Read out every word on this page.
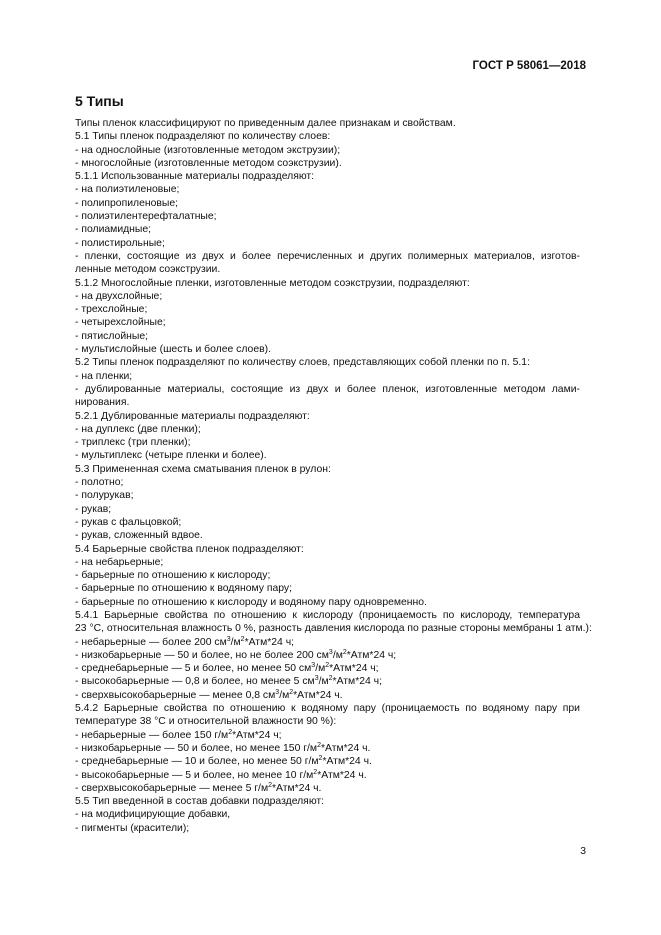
ГОСТ Р 58061—2018
5 Типы
Типы пленок классифицируют по приведенным далее признакам и свойствам.
5.1 Типы пленок подразделяют по количеству слоев:
- на однослойные (изготовленные методом экструзии);
- многослойные (изготовленные методом соэкструзии).
5.1.1 Использованные материалы подразделяют:
- на полиэтиленовые;
- полипропиленовые;
- полиэтилентерефталатные;
- полиамидные;
- полистирольные;
- пленки, состоящие из двух и более перечисленных и других полимерных материалов, изготов-
ленные методом соэкструзии.
5.1.2 Многослойные пленки, изготовленные методом соэкструзии, подразделяют:
- на двухслойные;
- трехслойные;
- четырехслойные;
- пятислойные;
- мультислойные (шесть и более слоев).
5.2 Типы пленок подразделяют по количеству слоев, представляющих собой пленки по п. 5.1:
- на пленки;
- дублированные материалы, состоящие из двух и более пленок, изготовленные методом лами-
нирования.
5.2.1 Дублированные материалы подразделяют:
- на дуплекс (две пленки);
- триплекс (три пленки);
- мультиплекс (четыре пленки и более).
5.3 Примененная схема сматывания пленок в рулон:
- полотно;
- полурукав;
- рукав;
- рукав с фальцовкой;
- рукав, сложенный вдвое.
5.4 Барьерные свойства пленок подразделяют:
- на небарьерные;
- барьерные по отношению к кислороду;
- барьерные по отношению к водяному пару;
- барьерные по отношению к кислороду и водяному пару одновременно.
5.4.1 Барьерные свойства по отношению к кислороду (проницаемость по кислороду, температура
23 °С, относительная влажность 0 %, разность давления кислорода по разные стороны мембраны 1 атм.):
- небарьерные — более 200 $см^3/м^2*Атм*24$ ч;
- низкобарьерные — 50 и более, но не более 200 $см^3/м^2*Атм*24$ ч;
- среднебарьерные — 5 и более, но менее 50 $см^3/м^2*Атм*24$ ч;
- высокобарьерные — 0,8 и более, но менее 5 $см^3/м^2*Атм*24$ ч;
- сверхвысокобарьерные — менее 0,8 $см^3/м^2*Атм*24$ ч.
5.4.2 Барьерные свойства по отношению к водяному пару (проницаемость по водяному пару при
температуре 38 °С и относительной влажности 90 %):
- небарьерные — более 150 $г/м^2*Атм*24$ ч;
- низкобарьерные — 50 и более, но менее 150 $г/м^2*Атм*24$ ч.
- среднебарьерные — 10 и более, но менее 50 $г/м^2*Атм*24$ ч.
- высокобарьерные — 5 и более, но менее 10 $г/м^2*Атм*24$ ч.
- сверхвысокобарьерные — менее 5 $г/м^2*Атм*24$ ч.
5.5 Тип введенной в состав добавки подразделяют:
- на модифицирующие добавки,
- пигменты (красители);
3
